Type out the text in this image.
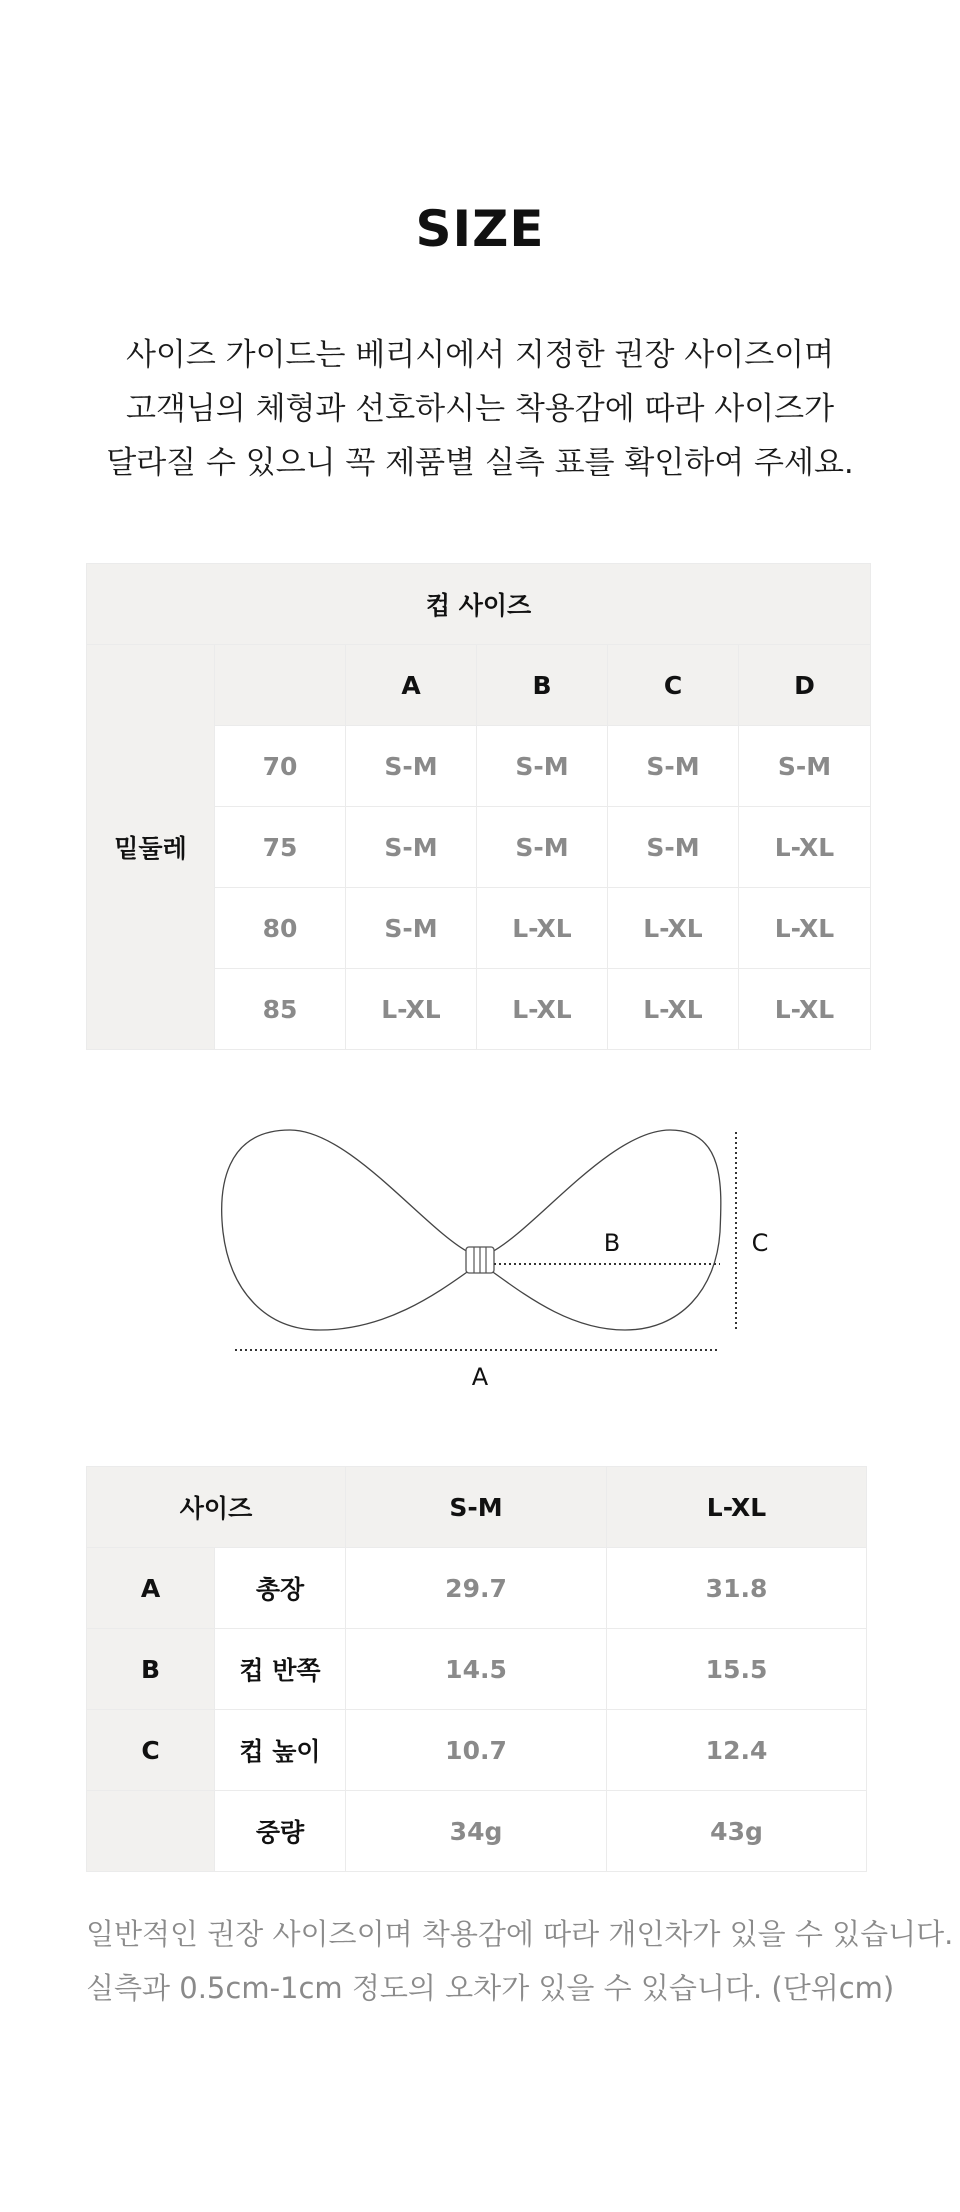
SIZE
사이즈 가이드는 베리시에서 지정한 권장 사이즈이며
고객님의 체형과 선호하시는 착용감에 따라 사이즈가
달라질 수 있으니 꼭 제품별 실측 표를 확인하여 주세요.
컵 사이즈					
밑둘레		A	B	C	D
	70	S-M	S-M	S-M	S-M
	75	S-M	S-M	S-M	L-XL
	80	S-M	L-XL	L-XL	L-XL
	85	L-XL	L-XL	L-XL	L-XL
B	C
A
사이즈		S-M	L-XL
A	총장	29.7	31.8
B	컵 반쪽	14.5	15.5
C	컵 높이	10.7	12.4
	중량	34g	43g
일반적인 권장 사이즈이며 착용감에 따라 개인차가 있을 수 있습니다.
실측과 0.5cm-1cm 정도의 오차가 있을 수 있습니다. (단위cm)
